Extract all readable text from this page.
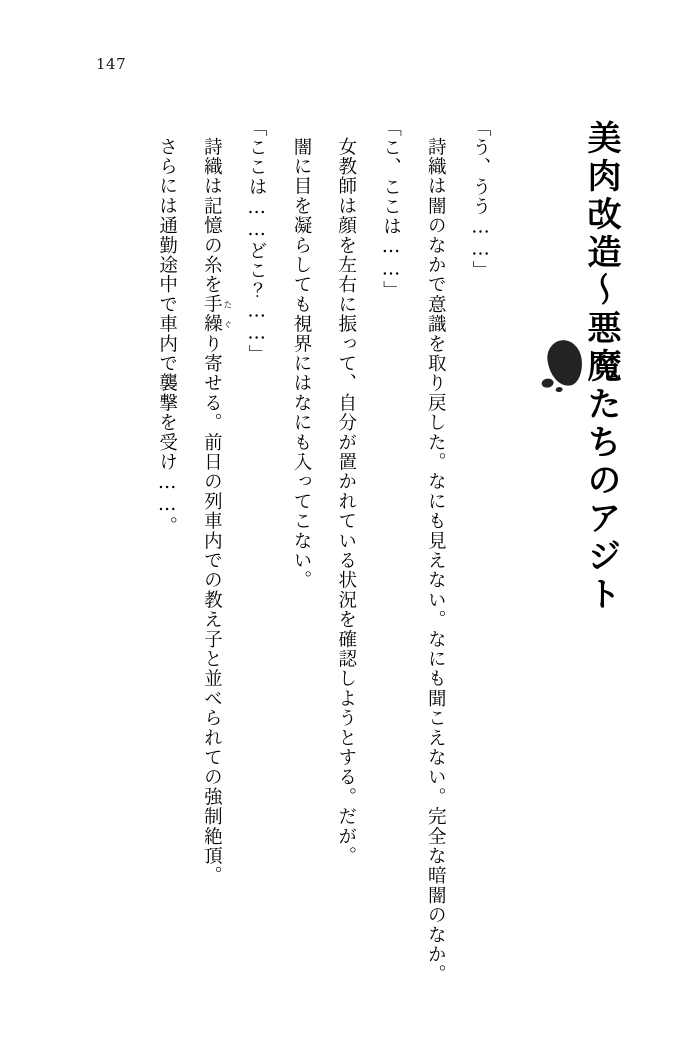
147
美肉改造～悪魔たちのアジト

「う、うう……」

詩織は闇のなかで意識を取り戻した。なにも見えない。なにも聞こえない。完全な暗闇のなか。

「こ、ここは……」

女教師は顔を左右に振って、自分が置かれている状況を確認しようとする。だが。

闇に目を凝らしても視界にはなにも入ってこない。

「ここは……どこ？……」

詩織は記憶の糸を手繰 たぐり寄せる。前日の列車内での教え子と並べられての強制絶頂。

さらには通勤途中で車内で襲撃を受け……。
